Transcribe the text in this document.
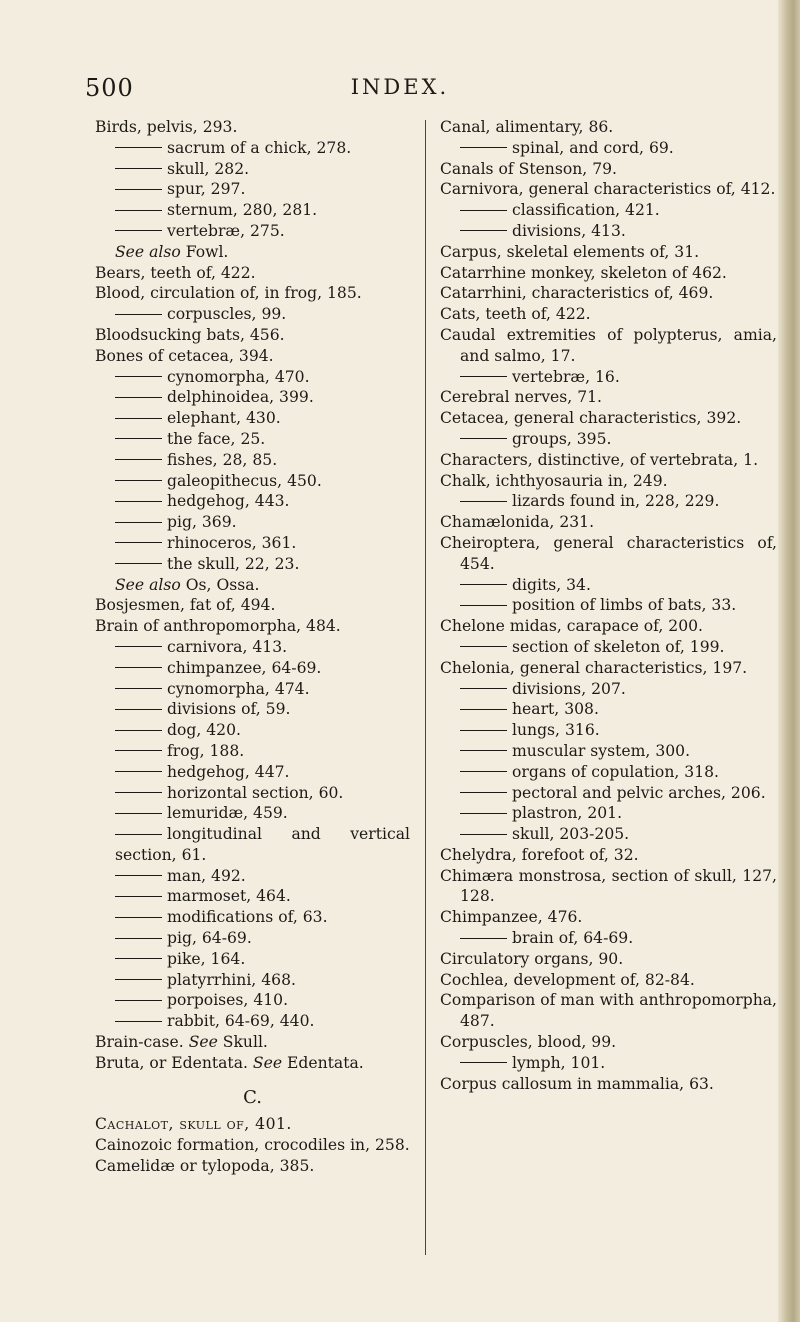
500	INDEX.
Birds, pelvis, 293.
sacrum of a chick, 278.
skull, 282.
spur, 297.
sternum, 280, 281.
vertebræ, 275.
See also Fowl.
Bears, teeth of, 422.
Blood, circulation of, in frog, 185.
corpuscles, 99.
Bloodsucking bats, 456.
Bones of cetacea, 394.
cynomorpha, 470.
delphinoidea, 399.
elephant, 430.
the face, 25.
fishes, 28, 85.
galeopithecus, 450.
hedgehog, 443.
pig, 369.
rhinoceros, 361.
the skull, 22, 23.
See also Os, Ossa.
Bosjesmen, fat of, 494.
Brain of anthropomorpha, 484.
carnivora, 413.
chimpanzee, 64-69.
cynomorpha, 474.
divisions of, 59.
dog, 420.
frog, 188.
hedgehog, 447.
horizontal section, 60.
lemuridæ, 459.
longitudinal and vertical section, 61.
man, 492.
marmoset, 464.
modifications of, 63.
pig, 64-69.
pike, 164.
platyrrhini, 468.
porpoises, 410.
rabbit, 64-69, 440.
Brain-case. See Skull.
Bruta, or Edentata. See Edentata.
C.
Cachalot, skull of, 401.
Cainozoic formation, crocodiles in, 258.
Camelidæ or tylopoda, 385.
Canal, alimentary, 86.
spinal, and cord, 69.
Canals of Stenson, 79.
Carnivora, general characteristics of, 412.
classification, 421.
divisions, 413.
Carpus, skeletal elements of, 31.
Catarrhine monkey, skeleton of 462.
Catarrhini, characteristics of, 469.
Cats, teeth of, 422.
Caudal extremities of polypterus, amia, and salmo, 17.
vertebræ, 16.
Cerebral nerves, 71.
Cetacea, general characteristics, 392.
groups, 395.
Characters, distinctive, of vertebrata, 1.
Chalk, ichthyosauria in, 249.
lizards found in, 228, 229.
Chamælonida, 231.
Cheiroptera, general characteristics of, 454.
digits, 34.
position of limbs of bats, 33.
Chelone midas, carapace of, 200.
section of skeleton of, 199.
Chelonia, general characteristics, 197.
divisions, 207.
heart, 308.
lungs, 316.
muscular system, 300.
organs of copulation, 318.
pectoral and pelvic arches, 206.
plastron, 201.
skull, 203-205.
Chelydra, forefoot of, 32.
Chimæra monstrosa, section of skull, 127, 128.
Chimpanzee, 476.
brain of, 64-69.
Circulatory organs, 90.
Cochlea, development of, 82-84.
Comparison of man with anthropomorpha, 487.
Corpuscles, blood, 99.
lymph, 101.
Corpus callosum in mammalia, 63.
